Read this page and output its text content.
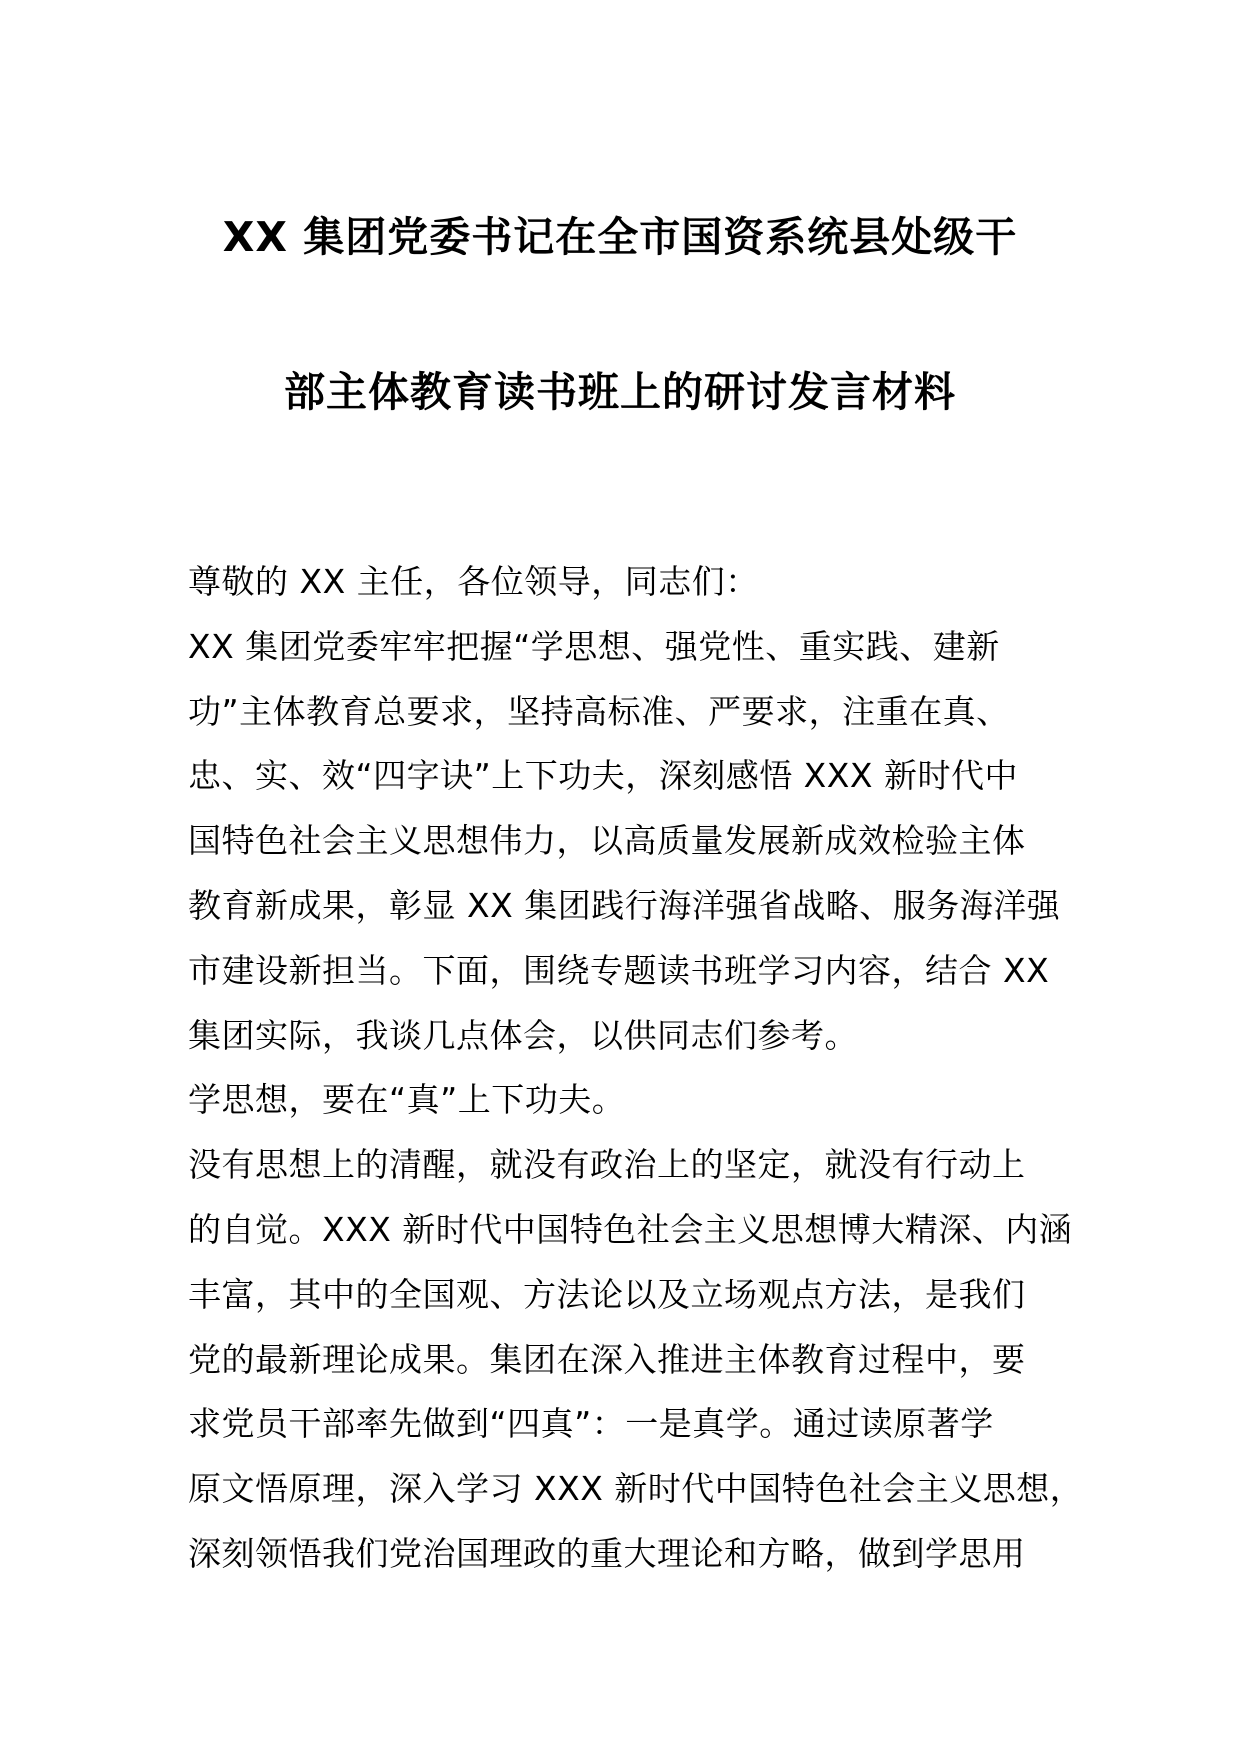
XX 集团党委书记在全市国资系统县处级干
部主体教育读书班上的研讨发言材料
尊敬的 XX 主任，各位领导，同志们：
XX 集团党委牢牢把握“学思想、强党性、重实践、建新
功”主体教育总要求，坚持高标准、严要求，注重在真、
忠、实、效“四字诀”上下功夫，深刻感悟 XXX 新时代中
国特色社会主义思想伟力，以高质量发展新成效检验主体
教育新成果，彰显 XX 集团践行海洋强省战略、服务海洋强
市建设新担当。下面，围绕专题读书班学习内容，结合 XX
集团实际，我谈几点体会，以供同志们参考。
学思想，要在“真”上下功夫。
没有思想上的清醒，就没有政治上的坚定，就没有行动上
的自觉。XXX 新时代中国特色社会主义思想博大精深、内涵
丰富，其中的全国观、方法论以及立场观点方法，是我们
党的最新理论成果。集团在深入推进主体教育过程中，要
求党员干部率先做到“四真”：一是真学。通过读原著学
原文悟原理，深入学习 XXX 新时代中国特色社会主义思想，
深刻领悟我们党治国理政的重大理论和方略，做到学思用
